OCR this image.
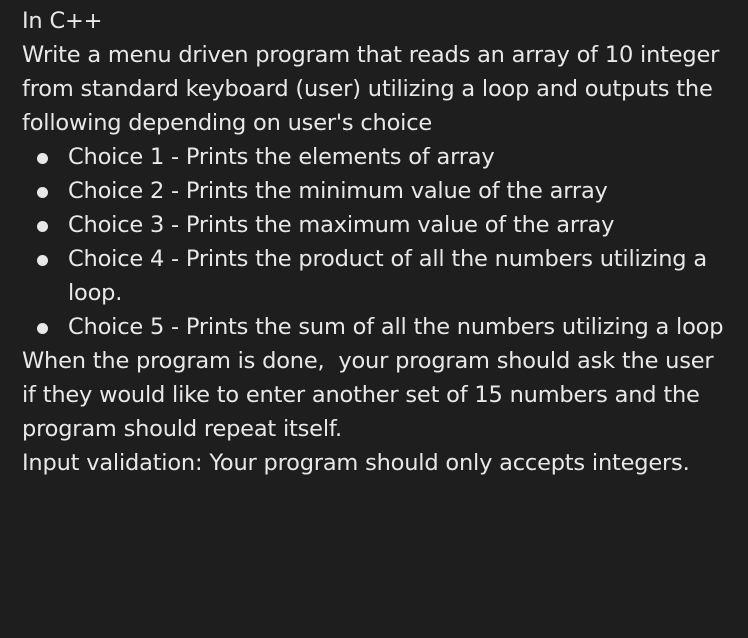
In C++

Write a menu driven program that reads an array of 10 integer from standard keyboard (user) utilizing a loop and outputs the following depending on user's choice

Choice 1 - Prints the elements of array
Choice 2 - Prints the minimum value of the array
Choice 3 - Prints the maximum value of the array
Choice 4 - Prints the product of all the numbers utilizing a loop.
Choice 5 - Prints the sum of all the numbers utilizing a loop

When the program is done,  your program should ask the user if they would like to enter another set of 15 numbers and the program should repeat itself.

Input validation: Your program should only accepts integers.
